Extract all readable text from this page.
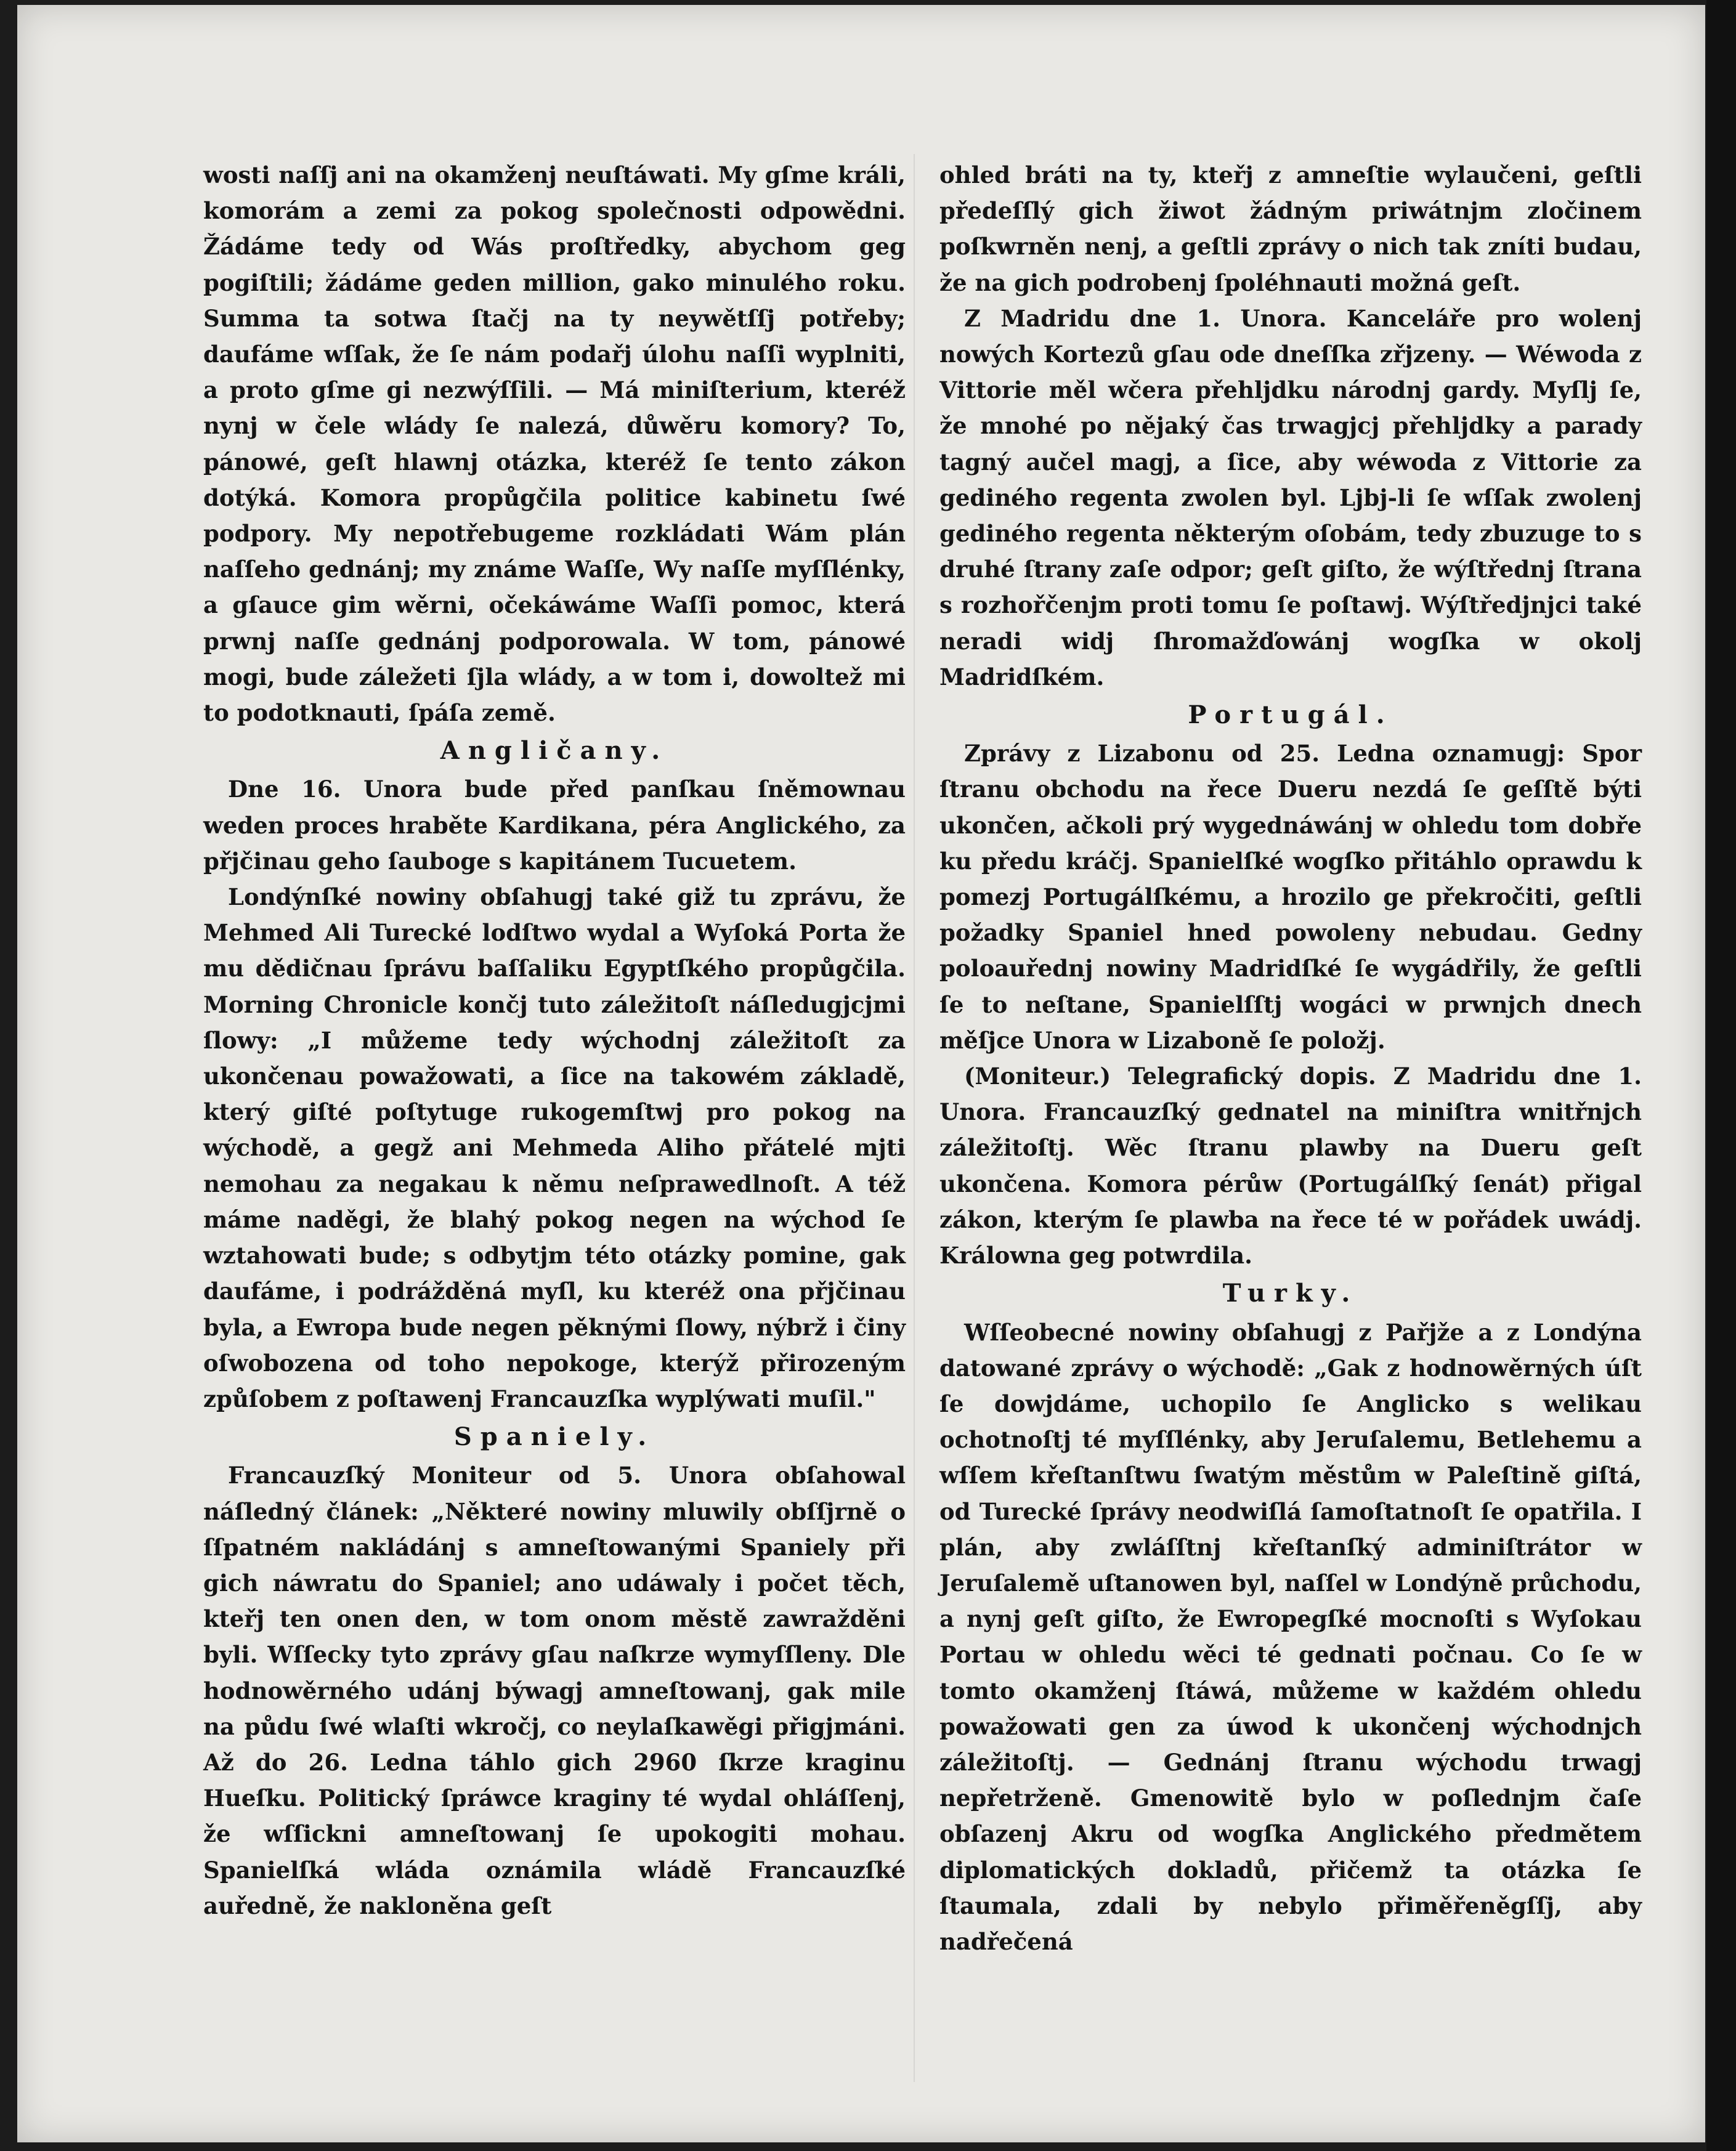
wosti naſſj ani na okamženj neuſtáwati. My gſme králi, komorám a zemi za pokog společnosti odpowědni. Žádáme tedy od Wás proſtředky, abychom geg pogiſtili; žádáme geden million, gako minulého roku. Summa ta sotwa ſtačj na ty neywětſſj potřeby; daufáme wſſak, že ſe nám podařj úlohu naſſi wyplniti, a proto gſme gi nezwýſſili. — Má miniſterium, kteréž nynj w čele wlády ſe nalezá, důwěru komory? To, pánowé, geſt hlawnj otázka, kteréž ſe tento zákon dotýká. Komora propůgčila politice kabinetu ſwé podpory. My nepotřebugeme rozkládati Wám plán naſſeho gednánj; my známe Waſſe, Wy naſſe myſſlénky, a gſauce gim wěrni, očekáwáme Waſſi pomoc, která prwnj naſſe gednánj podporowala. W tom, pánowé mogi, bude záležeti ſjla wlády, a w tom i, dowoltež mi to podotknauti, ſpáſa země.

Angličany.

Dne 16. Unora bude před panſkau ſněmownau weden proces hraběte Kardikana, péra Anglického, za přjčinau geho ſauboge s kapitánem Tucuetem.

Londýnſké nowiny obſahugj také giž tu zprávu, že Mehmed Ali Turecké lodſtwo wydal a Wyſoká Porta že mu dědičnau ſprávu baſſaliku Egyptſkého propůgčila. Morning Chronicle končj tuto záležitoſt náſledugjcjmi ſlowy: „I můžeme tedy wýchodnj záležitoſt za ukončenau powažowati, a ſice na takowém základě, který giſté poſtytuge rukogemſtwj pro pokog na wýchodě, a gegž ani Mehmeda Aliho přátelé mjti nemohau za negakau k němu neſprawedlnoſt. A též máme naděgi, že blahý pokog negen na wýchod ſe wztahowati bude; s odbytjm této otázky pomine, gak daufáme, i podrážděná myſl, ku kteréž ona přjčinau byla, a Ewropa bude negen pěknými ſlowy, nýbrž i činy oſwobozena od toho nepokoge, kterýž přirozeným způſobem z poſtawenj Francauzſka wyplýwati muſil."

Spaniely.

Francauzſký Moniteur od 5. Unora obſahowal náſledný článek: „Některé nowiny mluwily obſſjrně o ſſpatném nakládánj s amneſtowanými Spaniely při gich náwratu do Spaniel; ano udáwaly i počet těch, kteřj ten onen den, w tom onom městě zawražděni byli. Wſſecky tyto zprávy gſau naſkrze wymyſſleny. Dle hodnowěrného udánj býwagj amneſtowanj, gak mile na půdu ſwé wlaſti wkročj, co neylaſkawěgi přigjmáni. Až do 26. Ledna táhlo gich 2960 ſkrze kraginu Hueſku. Politický ſpráwce kraginy té wydal ohláſſenj, že wſſickni amneſtowanj ſe upokogiti mohau. Spanielſká wláda oznámila wládě Francauzſké auředně, že nakloněna geſt

ohled bráti na ty, kteřj z amneſtie wylaučeni, geſtli předeſſlý gich žiwot žádným priwátnjm zločinem poſkwrněn nenj, a geſtli zprávy o nich tak zníti budau, že na gich podrobenj ſpoléhnauti možná geſt.

Z Madridu dne 1. Unora. Kanceláře pro wolenj nowých Kortezů gſau ode dneſſka zřjzeny. — Wéwoda z Vittorie měl wčera přehljdku národnj gardy. Myſlj ſe, že mnohé po nějaký čas trwagjcj přehljdky a parady tagný aučel magj, a ſice, aby wéwoda z Vittorie za gediného regenta zwolen byl. Ljbj-li ſe wſſak zwolenj gediného regenta některým oſobám, tedy zbuzuge to s druhé ſtrany zaſe odpor; geſt giſto, že wýſtřednj ſtrana s rozhořčenjm proti tomu ſe poſtawj. Wýſtředjnjci také neradi widj ſhromažďowánj wogſka w okolj Madridſkém.

Portugál.

Zprávy z Lizabonu od 25. Ledna oznamugj: Spor ſtranu obchodu na řece Dueru nezdá ſe geſſtě býti ukončen, ačkoli prý wygednáwánj w ohledu tom dobře ku předu kráčj. Spanielſké wogſko přitáhlo oprawdu k pomezj Portugálſkému, a hrozilo ge překročiti, geſtli požadky Spaniel hned powoleny nebudau. Gedny poloauřednj nowiny Madridſké ſe wygádřily, že geſtli ſe to neſtane, Spanielſſtj wogáci w prwnjch dnech měſjce Unora w Lizaboně ſe položj.

(Moniteur.) Telegrafický dopis. Z Madridu dne 1. Unora. Francauzſký gednatel na miniſtra wnitřnjch záležitoſtj. Wěc ſtranu plawby na Dueru geſt ukončena. Komora pérůw (Portugálſký ſenát) přigal zákon, kterým ſe plawba na řece té w pořádek uwádj. Králowna geg potwrdila.

Turky.

Wſſeobecné nowiny obſahugj z Pařjže a z Londýna datowané zprávy o wýchodě: „Gak z hodnowěrných úſt ſe dowjdáme, uchopilo ſe Anglicko s welikau ochotnoſtj té myſſlénky, aby Jeruſalemu, Betlehemu a wſſem křeſtanſtwu ſwatým městům w Paleſtině giſtá, od Turecké ſprávy neodwiſlá ſamoſtatnoſt ſe opatřila. I plán, aby zwláſſtnj křeſtanſký adminiſtrátor w Jeruſalemě uſtanowen byl, naſſel w Londýně průchodu, a nynj geſt giſto, že Ewropegſké mocnoſti s Wyſokau Portau w ohledu wěci té gednati počnau. Co ſe w tomto okamženj ſtáwá, můžeme w každém ohledu powažowati gen za úwod k ukončenj wýchodnjch záležitoſtj. — Gednánj ſtranu wýchodu trwagj nepřetrženě. Gmenowitě bylo w poſlednjm čaſe obſazenj Akru od wogſka Anglického předmětem diplomatických dokladů, přičemž ta otázka ſe ſtaumala, zdali by nebylo přiměřeněgſſj, aby nadřečená
